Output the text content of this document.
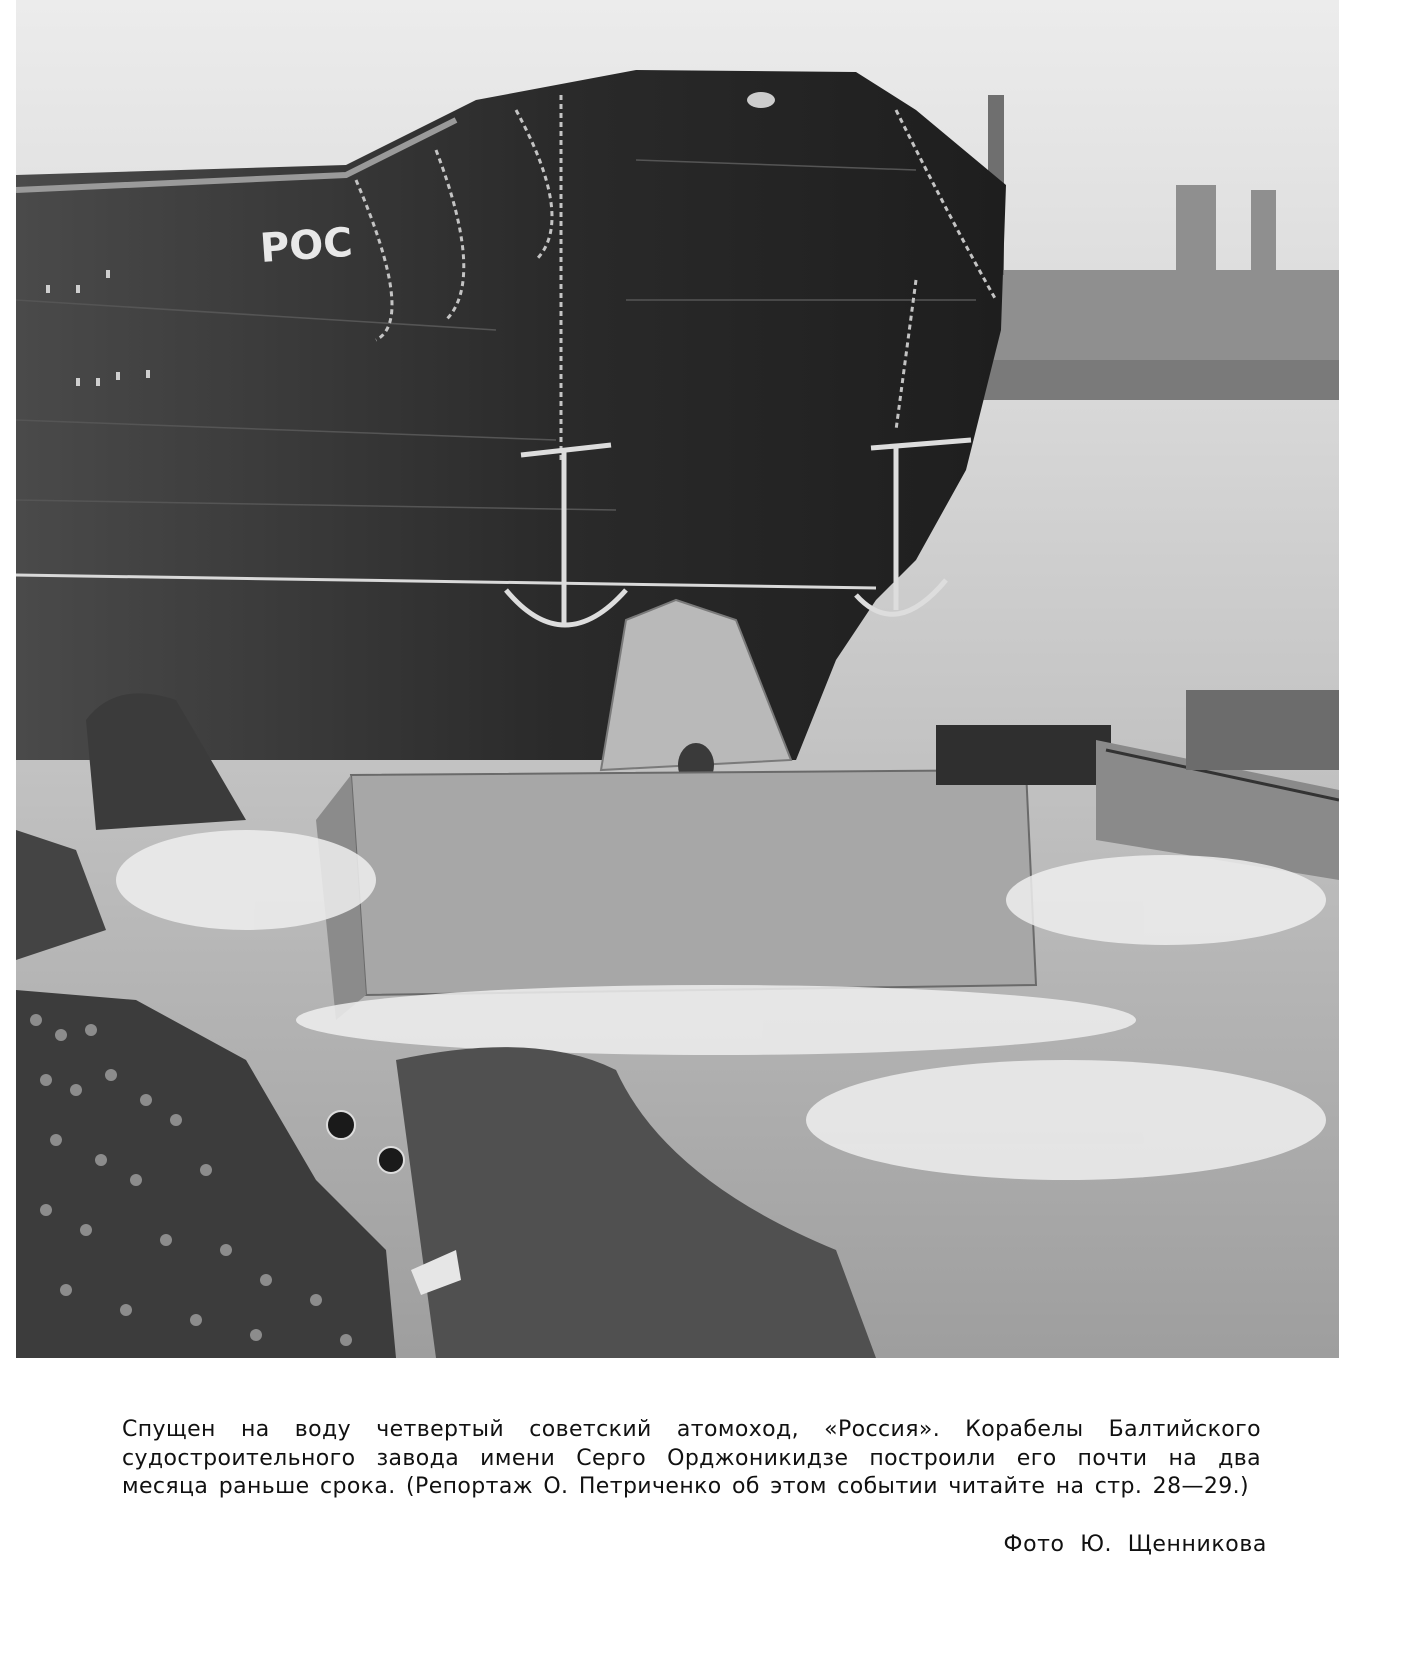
РОС

Спущен на воду четвертый советский атомоход, «Россия». Корабелы Балтийского судостроительного завода имени Серго Орджоникидзе построили его почти на два месяца раньше срока. (Репортаж О. Петриченко об этом событии читайте на стр. 28—29.)

Фото Ю. Щенникова
